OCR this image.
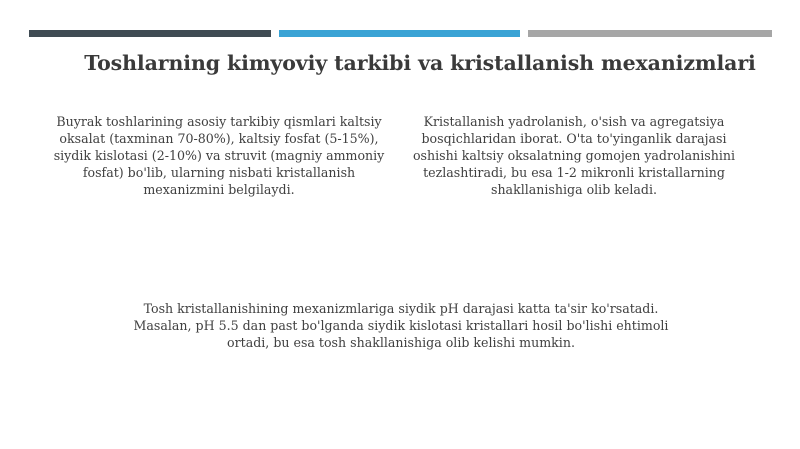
Toshlarning kimyoviy tarkibi va kristallanish mexanizmlari
Buyrak toshlarining asosiy tarkibiy qismlari kaltsiy oksalat (taxminan 70-80%), kaltsiy fosfat (5-15%), siydik kislotasi (2-10%) va struvit (magniy ammoniy fosfat) bo'lib, ularning nisbati kristallanish mexanizmini belgilaydi.
Kristallanish yadrolanish, o'sish va agregatsiya bosqichlaridan iborat. O'ta to'yinganlik darajasi oshishi kaltsiy oksalatning gomojen yadrolanishini tezlashtiradi, bu esa 1-2 mikronli kristallarning shakllanishiga olib keladi.
Tosh kristallanishining mexanizmlariga siydik pH darajasi katta ta'sir ko'rsatadi. Masalan, pH 5.5 dan past bo'lganda siydik kislotasi kristallari hosil bo'lishi ehtimoli ortadi, bu esa tosh shakllanishiga olib kelishi mumkin.
